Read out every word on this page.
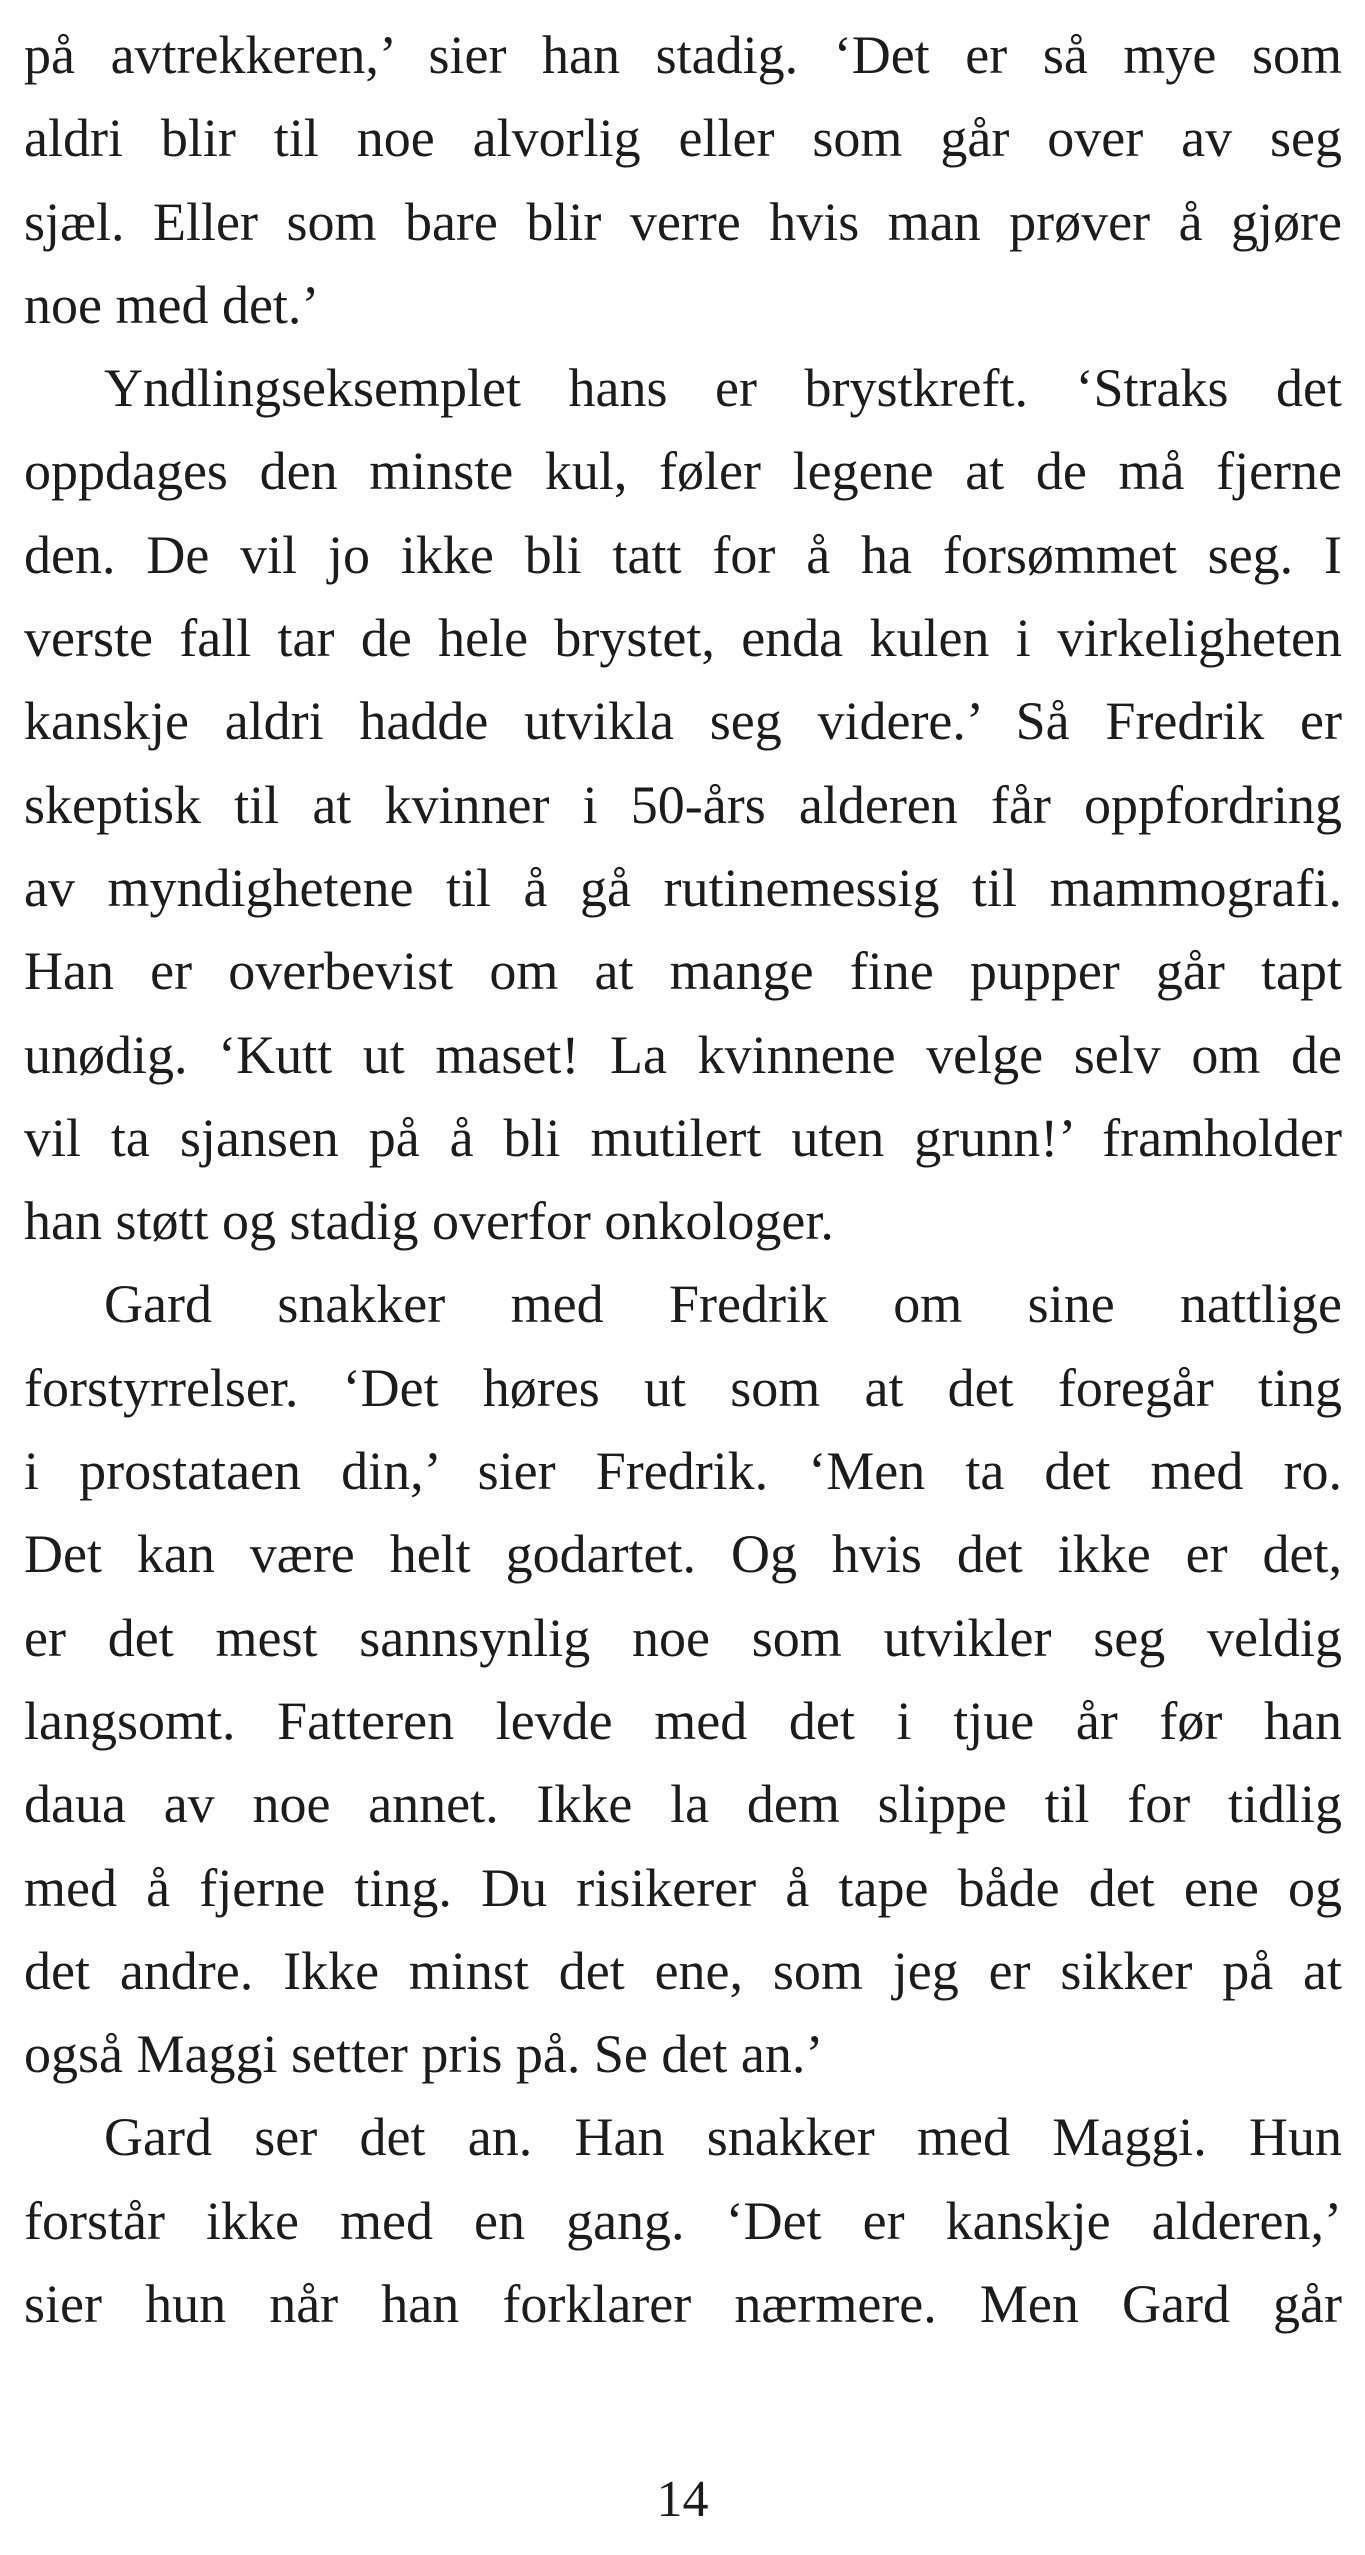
på avtrekkeren,’ sier han stadig. ‘Det er så mye som
aldri blir til noe alvorlig eller som går over av seg
sjæl. Eller som bare blir verre hvis man prøver å gjøre
noe med det.’
Yndlingseksemplet hans er brystkreft. ‘Straks det
oppdages den minste kul, føler legene at de må fjerne
den. De vil jo ikke bli tatt for å ha forsømmet seg. I
verste fall tar de hele brystet, enda kulen i virkeligheten
kanskje aldri hadde utvikla seg videre.’ Så Fredrik er
skeptisk til at kvinner i 50-års alderen får oppfordring
av myndighetene til å gå rutinemessig til mammografi.
Han er overbevist om at mange fine pupper går tapt
unødig. ‘Kutt ut maset! La kvinnene velge selv om de
vil ta sjansen på å bli mutilert uten grunn!’ framholder
han støtt og stadig overfor onkologer.
Gard snakker med Fredrik om sine nattlige
forstyrrelser. ‘Det høres ut som at det foregår ting
i prostataen din,’ sier Fredrik. ‘Men ta det med ro.
Det kan være helt godartet. Og hvis det ikke er det,
er det mest sannsynlig noe som utvikler seg veldig
langsomt. Fatteren levde med det i tjue år før han
daua av noe annet. Ikke la dem slippe til for tidlig
med å fjerne ting. Du risikerer å tape både det ene og
det andre. Ikke minst det ene, som jeg er sikker på at
også Maggi setter pris på. Se det an.’
Gard ser det an. Han snakker med Maggi. Hun
forstår ikke med en gang. ‘Det er kanskje alderen,’
sier hun når han forklarer nærmere. Men Gard går
14
